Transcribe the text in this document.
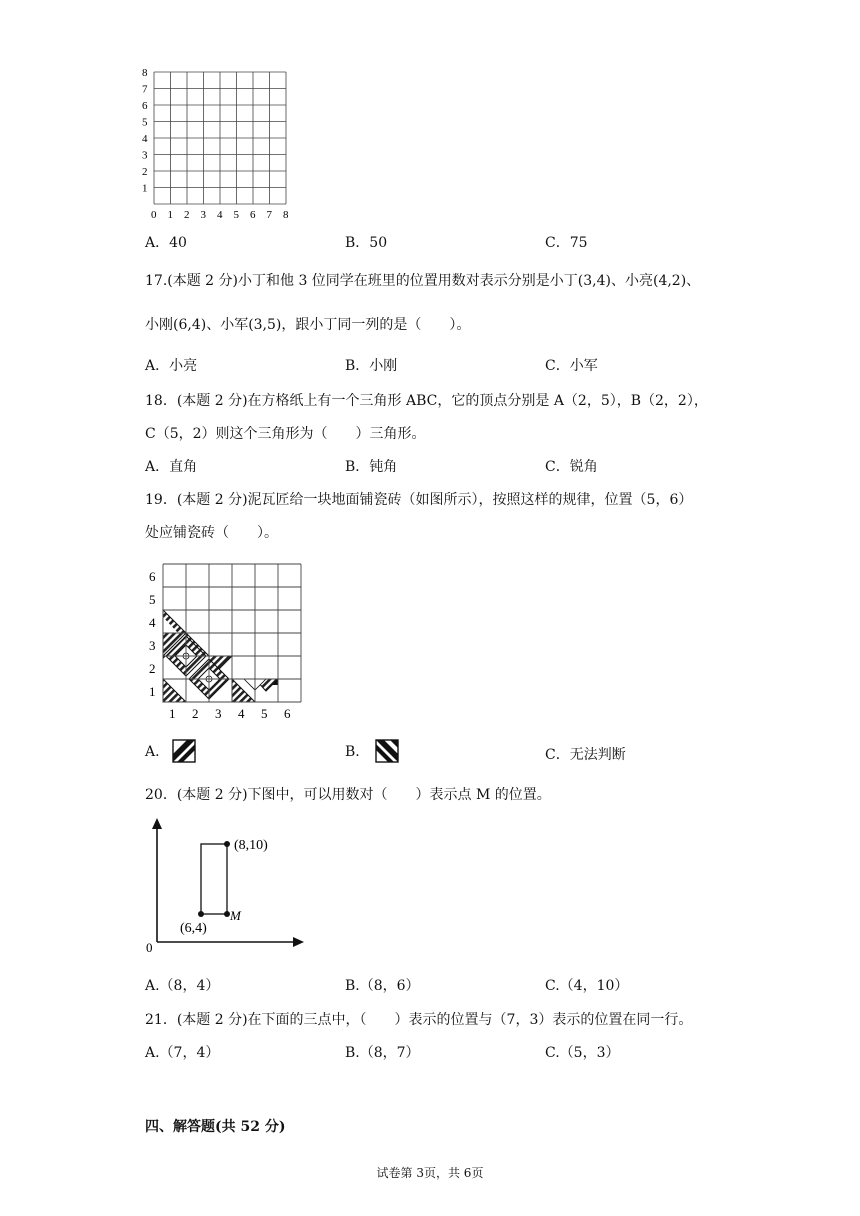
0 1 2 3 4 5 6 7 8
1
2
3
4
5
6
7
8
A．40	B．50	C．75
17.(本题 2 分)小丁和他 3 位同学在班里的位置用数对表示分别是小丁(3,4)、小亮(4,2)、
小刚(6,4)、小军(3,5)，跟小丁同一列的是（　　）。
A．小亮	B．小刚	C．小军
18．(本题 2 分)在方格纸上有一个三角形 ABC，它的顶点分别是 A（2，5），B（2，2），
C（5，2）则这个三角形为（　　）三角形。
A．直角	B．钝角	C．锐角
19．(本题 2 分)泥瓦匠给一块地面铺瓷砖（如图所示），按照这样的规律，位置（5，6）
处应铺瓷砖（　　）。
1 2 3 4 5 6
1
2
3
4
5
6
A.	B.	C．无法判断
20．(本题 2 分)下图中，可以用数对（　　）表示点 M 的位置。
0
(8,10)
(6,4)
M
A.（8，4）	B.（8，6）	C.（4，10）
21．(本题 2 分)在下面的三点中，（　　）表示的位置与（7，3）表示的位置在同一行。
A.（7，4）	B.（8，7）	C.（5，3）
四、解答题(共 52 分)
试卷第 3页，共 6页
